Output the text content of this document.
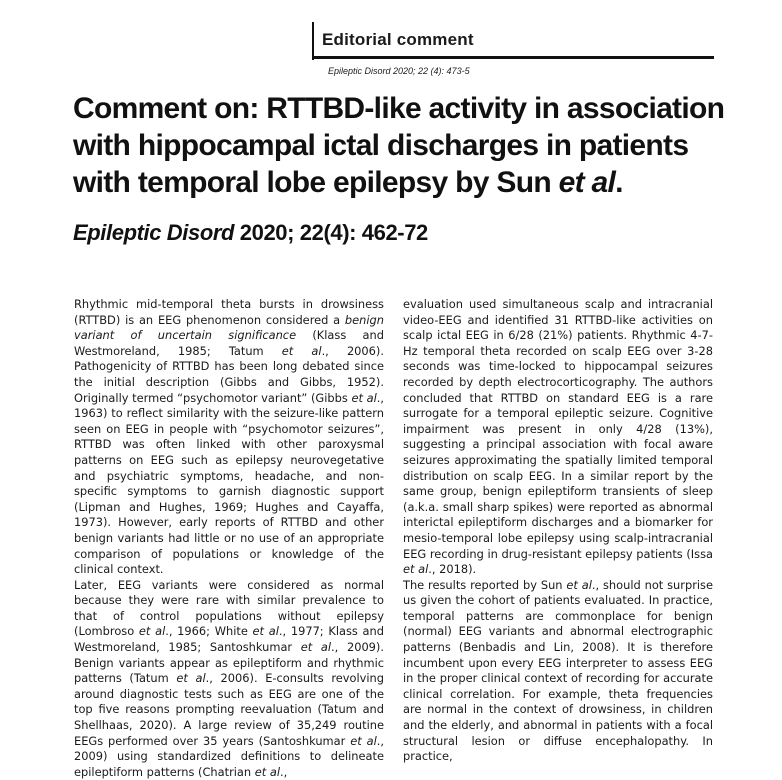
Editorial comment
Epileptic Disord 2020; 22 (4): 473-5
Comment on: RTTBD-like activity in association with hippocampal ictal discharges in patients with temporal lobe epilepsy by Sun et al.
Epileptic Disord 2020; 22(4): 462-72

Rhythmic mid-temporal theta bursts in drowsiness (RTTBD) is an EEG phenomenon considered a benign variant of uncertain significance (Klass and Westmoreland, 1985; Tatum et al., 2006). Pathogenicity of RTTBD has been long debated since the initial description (Gibbs and Gibbs, 1952). Originally termed “psychomotor variant” (Gibbs et al., 1963) to reflect similarity with the seizure-like pattern seen on EEG in people with “psychomotor seizures”, RTTBD was often linked with other paroxysmal patterns on EEG such as epilepsy neurovegetative and psychiatric symptoms, headache, and non-specific symptoms to garnish diagnostic support (Lipman and Hughes, 1969; Hughes and Cayaffa, 1973). However, early reports of RTTBD and other benign variants had little or no use of an appropriate comparison of populations or knowledge of the clinical context.

Later, EEG variants were considered as normal because they were rare with similar prevalence to that of control populations without epilepsy (Lombroso et al., 1966; White et al., 1977; Klass and Westmoreland, 1985; Santoshkumar et al., 2009). Benign variants appear as epileptiform and rhythmic patterns (Tatum et al., 2006). E-consults revolving around diagnostic tests such as EEG are one of the top five reasons prompting reevaluation (Tatum and Shellhaas, 2020). A large review of 35,249 routine EEGs performed over 35 years (Santoshkumar et al., 2009) using standardized definitions to delineate epileptiform patterns (Chatrian et al.,

evaluation used simultaneous scalp and intracranial video-EEG and identified 31 RTTBD-like activities on scalp ictal EEG in 6/28 (21%) patients. Rhythmic 4-7-Hz temporal theta recorded on scalp EEG over 3-28 seconds was time-locked to hippocampal seizures recorded by depth electrocorticography. The authors concluded that RTTBD on standard EEG is a rare surrogate for a temporal epileptic seizure. Cognitive impairment was present in only 4/28 (13%), suggesting a principal association with focal aware seizures approximating the spatially limited temporal distribution on scalp EEG. In a similar report by the same group, benign epileptiform transients of sleep (a.k.a. small sharp spikes) were reported as abnormal interictal epileptiform discharges and a biomarker for mesio-temporal lobe epilepsy using scalp-intracranial EEG recording in drug-resistant epilepsy patients (Issa et al., 2018).

The results reported by Sun et al., should not surprise us given the cohort of patients evaluated. In practice, temporal patterns are commonplace for benign (normal) EEG variants and abnormal electrographic patterns (Benbadis and Lin, 2008). It is therefore incumbent upon every EEG interpreter to assess EEG in the proper clinical context of recording for accurate clinical correlation. For example, theta frequencies are normal in the context of drowsiness, in children and the elderly, and abnormal in patients with a focal structural lesion or diffuse encephalopathy. In practice,
